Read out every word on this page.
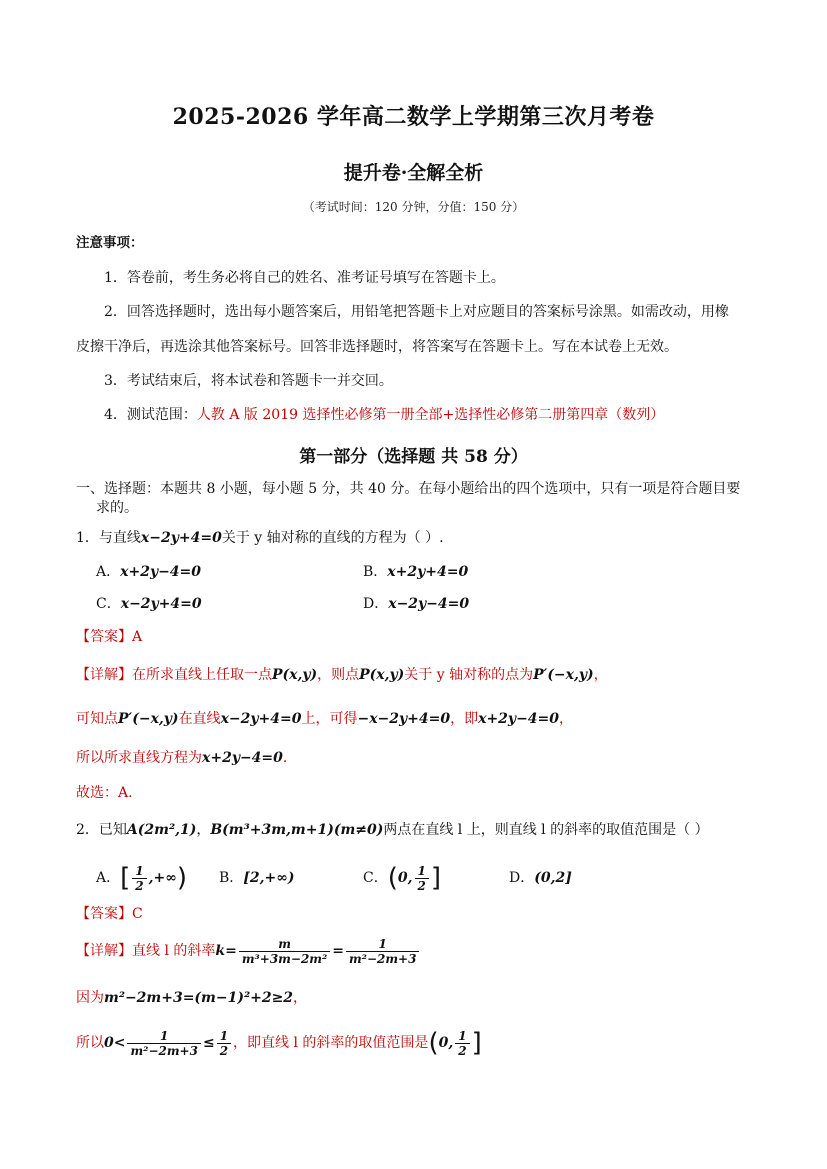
2025-2026 学年高二数学上学期第三次月考卷
提升卷·全解全析
（考试时间：120 分钟，分值：150 分）
注意事项：
1．答卷前，考生务必将自己的姓名、准考证号填写在答题卡上。
2．回答选择题时，选出每小题答案后，用铅笔把答题卡上对应题目的答案标号涂黑。如需改动，用橡
皮擦干净后，再选涂其他答案标号。回答非选择题时，将答案写在答题卡上。写在本试卷上无效。
3．考试结束后，将本试卷和答题卡一并交回。
4．测试范围：人教 A 版 2019 选择性必修第一册全部+选择性必修第二册第四章（数列）
第一部分（选择题 共 58 分）
一、选择题：本题共 8 小题，每小题 5 分，共 40 分。在每小题给出的四个选项中，只有一项是符合题目要
求的。
1．与直线x−2y+4=0关于 y 轴对称的直线的方程为（ ）.
A．x+2y−4=0	B．x+2y+4=0
C．x−2y+4=0	D．x−2y−4=0
【答案】A
【详解】在所求直线上任取一点P(x,y)，则点P(x,y)关于 y 轴对称的点为P′(−x,y)，
可知点P′(−x,y)在直线x−2y+4=0上，可得−x−2y+4=0，即x+2y−4=0，
所以所求直线方程为x+2y−4=0.
故选：A.
2．已知A(2m²,1)，B(m³+3m,m+1)(m≠0)两点在直线 l 上，则直线 l 的斜率的取值范围是（ ）
A．[ $\frac{1}{2}$ ,+∞) B．[2,+∞)	C．(0, $\frac{1}{2}$ ]	D．(0,2]
【答案】C
【详解】直线 l 的斜率$k= \frac{m}{\text{m³+3m−2m²}} = \frac{1}{\text{m²−2m+3}}$
因为m²−2m+3=(m−1)²+2≥2，
所以$0< \frac{1}{\text{m²−2m+3}} \le \frac{1}{2}$ ，即直线 l 的斜率的取值范围是(0, $\frac{1}{2}$ ]
